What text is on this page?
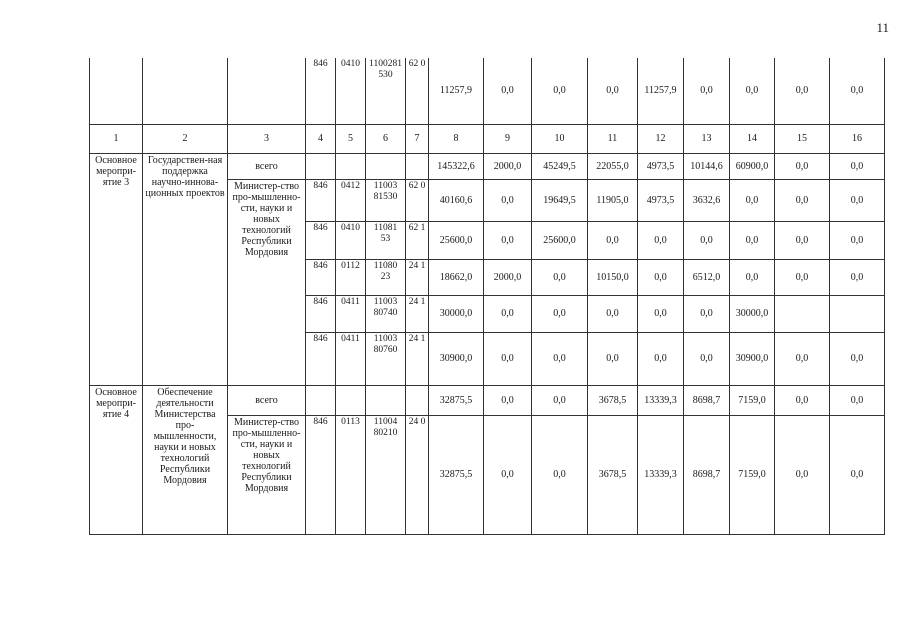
11
			846	0410	1100281 530	62 0	11257,9	0,0	0,0	0,0	11257,9	0,0	0,0	0,0	0,0
1	2	3	4	5	6	7	8	9	10	11	12	13	14	15	16
Основное меропри-ятие 3	Государствен-ная поддержка научно-иннова-ционных проектов	всего					145322,6	2000,0	45249,5	22055,0	4973,5	10144,6	60900,0	0,0	0,0
		Министер-ство про-мышленно-сти, науки и новых технологий Республики Мордовия	846	0412	11003 81530	62 0	40160,6	0,0	19649,5	11905,0	4973,5	3632,6	0,0	0,0	0,0
			846	0410	11081 53	62 1	25600,0	0,0	25600,0	0,0	0,0	0,0	0,0	0,0	0,0
			846	0112	11080 23	24 1	18662,0	2000,0	0,0	10150,0	0,0	6512,0	0,0	0,0	0,0
			846	0411	11003 80740	24 1	30000,0	0,0	0,0	0,0	0,0	0,0	30000,0		
			846	0411	11003 80760	24 1	30900,0	0,0	0,0	0,0	0,0	0,0	30900,0	0,0	0,0
Основное меропри-ятие 4	Обеспечение деятельности Министерства про-мышленности, науки и новых технологий Республики Мордовия	всего					32875,5	0,0	0,0	3678,5	13339,3	8698,7	7159,0	0,0	0,0
		Министер-ство про-мышленно-сти, науки и новых технологий Республики Мордовия	846	0113	11004 80210	24 0	32875,5	0,0	0,0	3678,5	13339,3	8698,7	7159,0	0,0	0,0
